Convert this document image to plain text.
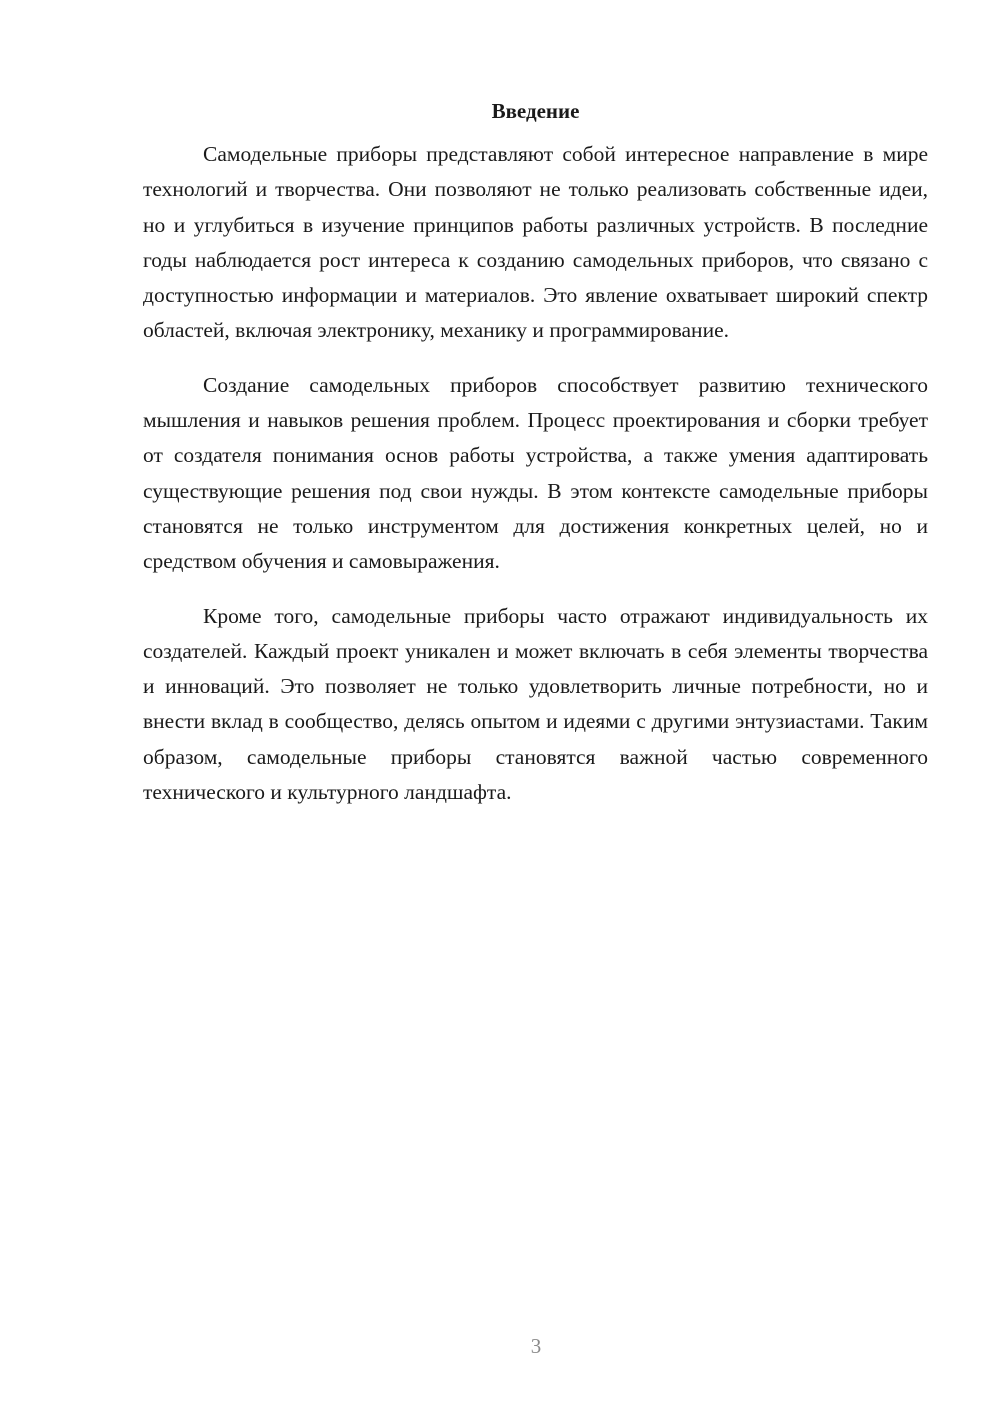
Введение

Самодельные приборы представляют собой интересное направление в мире технологий и творчества. Они позволяют не только реализовать собственные идеи, но и углубиться в изучение принципов работы различных устройств. В последние годы наблюдается рост интереса к созданию самодельных приборов, что связано с доступностью информации и материалов. Это явление охватывает широкий спектр областей, включая электронику, механику и программирование.

Создание самодельных приборов способствует развитию технического мышления и навыков решения проблем. Процесс проектирования и сборки требует от создателя понимания основ работы устройства, а также умения адаптировать существующие решения под свои нужды. В этом контексте самодельные приборы становятся не только инструментом для достижения конкретных целей, но и средством обучения и самовыражения.

Кроме того, самодельные приборы часто отражают индивидуальность их создателей. Каждый проект уникален и может включать в себя элементы творчества и инноваций. Это позволяет не только удовлетворить личные потребности, но и внести вклад в сообщество, делясь опытом и идеями с другими энтузиастами. Таким образом, самодельные приборы становятся важной частью современного технического и культурного ландшафта.

3
